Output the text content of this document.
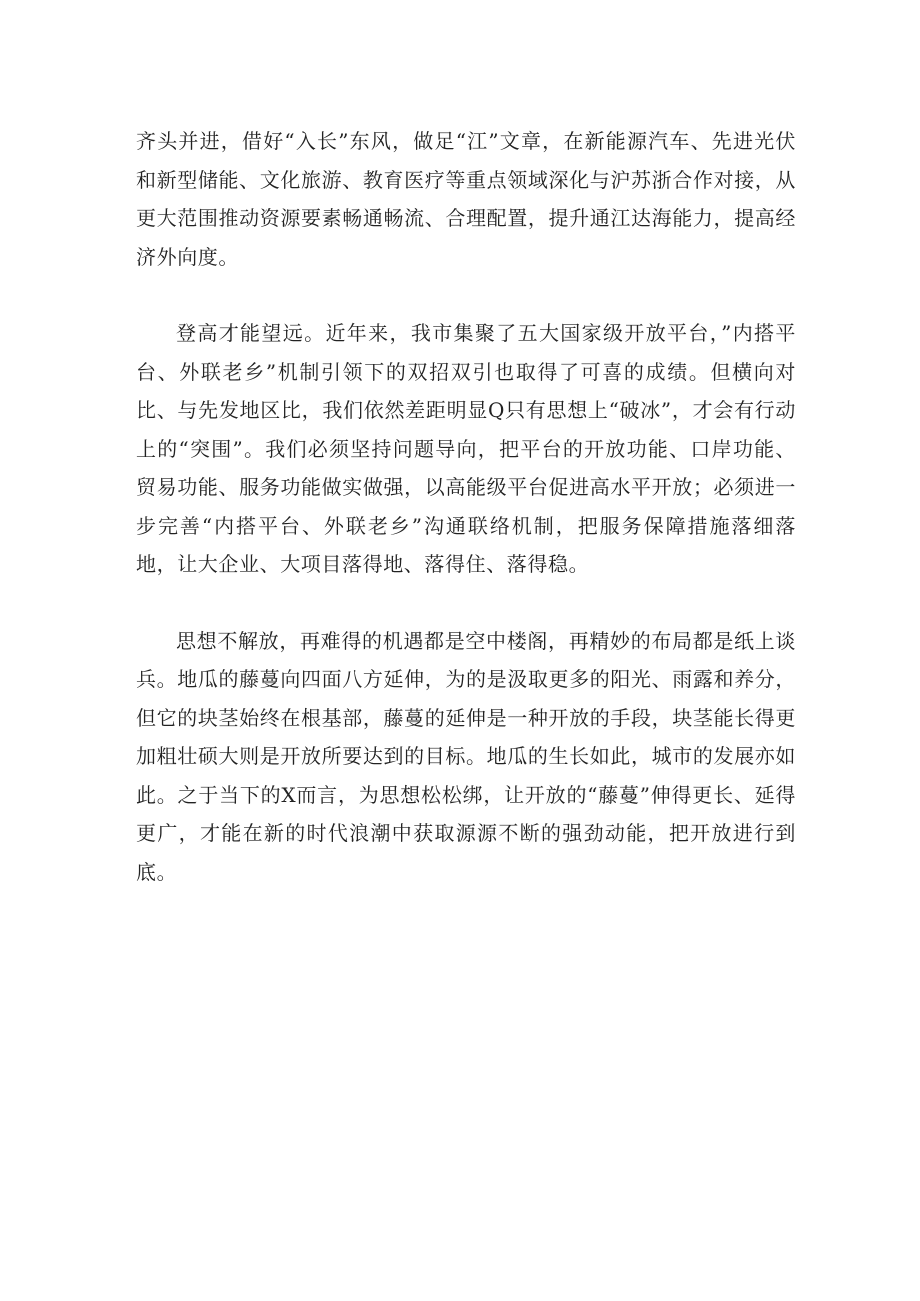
齐头并进，借好“入长”东风，做足“江”文章，在新能源汽车、先进光伏和新型储能、文化旅游、教育医疗等重点领域深化与沪苏浙合作对接，从更大范围推动资源要素畅通畅流、合理配置，提升通江达海能力，提高经济外向度。

登高才能望远。近年来，我市集聚了五大国家级开放平台，”内搭平台、外联老乡”机制引领下的双招双引也取得了可喜的成绩。但横向对比、与先发地区比，我们依然差距明显Q只有思想上“破冰”，才会有行动上的“突围”。我们必须坚持问题导向，把平台的开放功能、口岸功能、贸易功能、服务功能做实做强，以高能级平台促进高水平开放；必须进一步完善“内搭平台、外联老乡”沟通联络机制，把服务保障措施落细落地，让大企业、大项目落得地、落得住、落得稳。

思想不解放，再难得的机遇都是空中楼阁，再精妙的布局都是纸上谈兵。地瓜的藤蔓向四面八方延伸，为的是汲取更多的阳光、雨露和养分，但它的块茎始终在根基部，藤蔓的延伸是一种开放的手段，块茎能长得更加粗壮硕大则是开放所要达到的目标。地瓜的生长如此，城市的发展亦如此。之于当下的X而言，为思想松松绑，让开放的“藤蔓”伸得更长、延得更广，才能在新的时代浪潮中获取源源不断的强劲动能，把开放进行到底。
